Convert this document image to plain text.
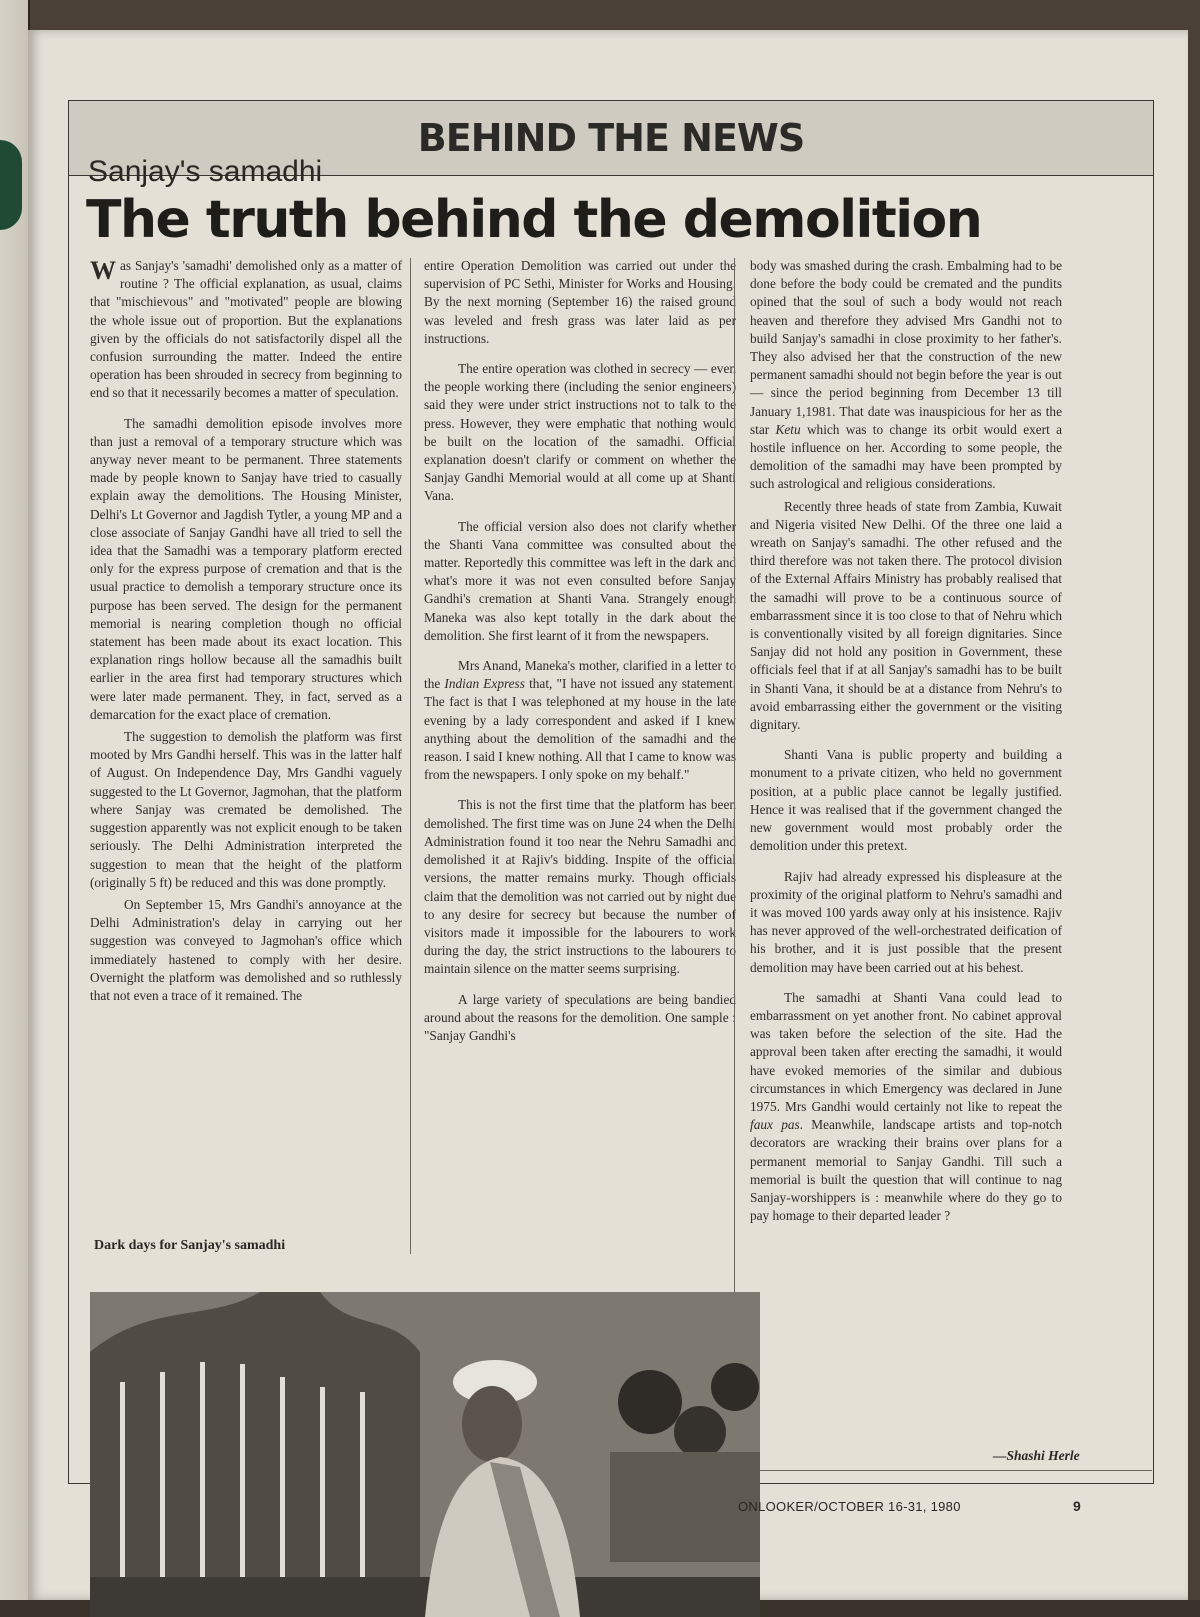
BEHIND THE NEWS
Sanjay's samadhi
The truth behind the demolition

Was Sanjay's 'samadhi' demolished only as a matter of routine ? The official explanation, as usual, claims that "mischievous" and "motivated" people are blowing the whole issue out of proportion. But the explanations given by the officials do not satisfactorily dispel all the confusion surrounding the matter. Indeed the entire operation has been shrouded in secrecy from beginning to end so that it necessarily becomes a matter of speculation.

The samadhi demolition episode involves more than just a removal of a temporary structure which was anyway never meant to be permanent. Three statements made by people known to Sanjay have tried to casually explain away the demolitions. The Housing Minister, Delhi's Lt Governor and Jagdish Tytler, a young MP and a close associate of Sanjay Gandhi have all tried to sell the idea that the Samadhi was a temporary platform erected only for the express purpose of cremation and that is the usual practice to demolish a temporary structure once its purpose has been served. The design for the permanent memorial is nearing completion though no official statement has been made about its exact location. This explanation rings hollow because all the samadhis built earlier in the area first had temporary structures which were later made permanent. They, in fact, served as a demarcation for the exact place of cremation.

The suggestion to demolish the platform was first mooted by Mrs Gandhi herself. This was in the latter half of August. On Independence Day, Mrs Gandhi vaguely suggested to the Lt Governor, Jagmohan, that the platform where Sanjay was cremated be demolished. The suggestion apparently was not explicit enough to be taken seriously. The Delhi Administration interpreted the suggestion to mean that the height of the platform (originally 5 ft) be reduced and this was done promptly.

On September 15, Mrs Gandhi's annoyance at the Delhi Administration's delay in carrying out her suggestion was conveyed to Jagmohan's office which immediately hastened to comply with her desire. Overnight the platform was demolished and so ruthlessly that not even a trace of it remained. The

entire Operation Demolition was carried out under the supervision of PC Sethi, Minister for Works and Housing. By the next morning (September 16) the raised ground was leveled and fresh grass was later laid as per instructions.

The entire operation was clothed in secrecy — even the people working there (including the senior engineers) said they were under strict instructions not to talk to the press. However, they were emphatic that nothing would be built on the location of the samadhi. Official explanation doesn't clarify or comment on whether the Sanjay Gandhi Memorial would at all come up at Shanti Vana.

The official version also does not clarify whether the Shanti Vana committee was consulted about the matter. Reportedly this committee was left in the dark and what's more it was not even consulted before Sanjay Gandhi's cremation at Shanti Vana. Strangely enough Maneka was also kept totally in the dark about the demolition. She first learnt of it from the newspapers.

Mrs Anand, Maneka's mother, clarified in a letter to the Indian Express that, "I have not issued any statement. The fact is that I was telephoned at my house in the late evening by a lady correspondent and asked if I knew anything about the demolition of the samadhi and the reason. I said I knew nothing. All that I came to know was from the newspapers. I only spoke on my behalf."

This is not the first time that the platform has been demolished. The first time was on June 24 when the Delhi Administration found it too near the Nehru Samadhi and demolished it at Rajiv's bidding. Inspite of the official versions, the matter remains murky. Though officials claim that the demolition was not carried out by night due to any desire for secrecy but because the number of visitors made it impossible for the labourers to work during the day, the strict instructions to the labourers to maintain silence on the matter seems surprising.

A large variety of speculations are being bandied around about the reasons for the demolition. One sample : "Sanjay Gandhi's

body was smashed during the crash. Embalming had to be done before the body could be cremated and the pundits opined that the soul of such a body would not reach heaven and therefore they advised Mrs Gandhi not to build Sanjay's samadhi in close proximity to her father's. They also advised her that the construction of the new permanent samadhi should not begin before the year is out — since the period beginning from December 13 till January 1,1981. That date was inauspicious for her as the star Ketu which was to change its orbit would exert a hostile influence on her. According to some people, the demolition of the samadhi may have been prompted by such astrological and religious considerations.

Recently three heads of state from Zambia, Kuwait and Nigeria visited New Delhi. Of the three one laid a wreath on Sanjay's samadhi. The other refused and the third therefore was not taken there. The protocol division of the External Affairs Ministry has probably realised that the samadhi will prove to be a continuous source of embarrassment since it is too close to that of Nehru which is conventionally visited by all foreign dignitaries. Since Sanjay did not hold any position in Government, these officials feel that if at all Sanjay's samadhi has to be built in Shanti Vana, it should be at a distance from Nehru's to avoid embarrassing either the government or the visiting dignitary.

Shanti Vana is public property and building a monument to a private citizen, who held no government position, at a public place cannot be legally justified. Hence it was realised that if the government changed the new government would most probably order the demolition under this pretext.

Rajiv had already expressed his displeasure at the proximity of the original platform to Nehru's samadhi and it was moved 100 yards away only at his insistence. Rajiv has never approved of the well-orchestrated deification of his brother, and it is just possible that the present demolition may have been carried out at his behest.

The samadhi at Shanti Vana could lead to embarrassment on yet another front. No cabinet approval was taken before the selection of the site. Had the approval been taken after erecting the samadhi, it would have evoked memories of the similar and dubious circumstances in which Emergency was declared in June 1975. Mrs Gandhi would certainly not like to repeat the faux pas. Meanwhile, landscape artists and top-notch decorators are wracking their brains over plans for a permanent memorial to Sanjay Gandhi. Till such a memorial is built the question that will continue to nag Sanjay-worshippers is : meanwhile where do they go to pay homage to their departed leader ?

Dark days for Sanjay's samadhi
—Shashi Herle
ONLOOKER/OCTOBER 16-31, 1980	9
